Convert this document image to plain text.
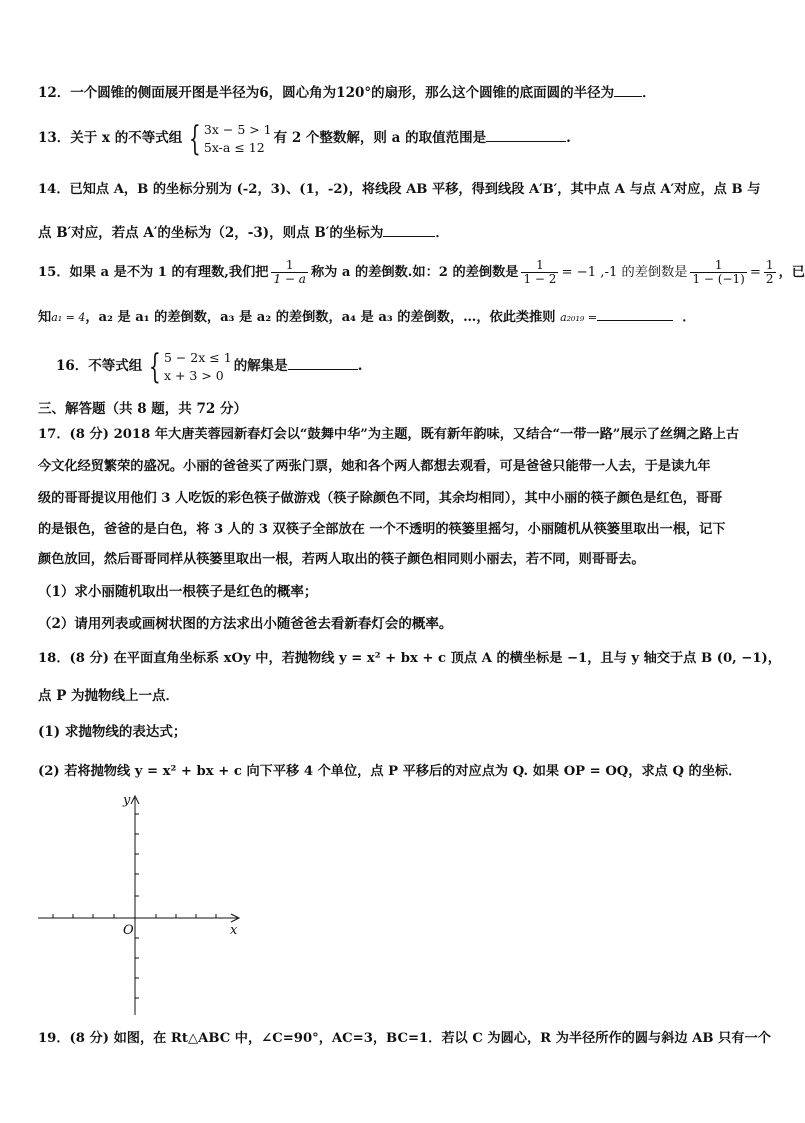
12．一个圆锥的侧面展开图是半径为6，圆心角为120°的扇形，那么这个圆锥的底面圆的半径为 ．
13．关于 x 的不等式组 { 3x − 5 > 1
5x-a ≤ 12
有 2 个整数解，则 a 的取值范围是	.
14．已知点 A，B 的坐标分别为 (-2，3)、(1，-2)，将线段 AB 平移，得到线段 A′B′，其中点 A 与点 A′对应，点 B 与
点 B′对应，若点 A′的坐标为（2，-3)，则点 B′的坐标为	．
15．如果 a 是不为 1 的有理数,我们把 $\frac{1}{1 - a}$ 称为 a 的差倒数.如：2 的差倒数是 $\frac{1}{1 - 2} = -1$ ,-1 的差倒数是 $\frac{1}{1 - (-1)} = \frac{1}{2}$ ，已
知a₁ = 4，a₂ 是 a₁ 的差倒数，a₃ 是 a₂ 的差倒数，a₄ 是 a₃ 的差倒数，…，依此类推则 a₂₀₁₉ =	．
16．不等式组 { 5 − 2x ≤ 1
x + 3 > 0
的解集是	.
三、解答题（共 8 题，共 72 分）
17．(8 分) 2018 年大唐芙蓉园新春灯会以“鼓舞中华”为主题，既有新年韵味，又结合“一带一路”展示了丝绸之路上古
今文化经贸繁荣的盛况。小丽的爸爸买了两张门票，她和各个两人都想去观看，可是爸爸只能带一人去，于是读九年
级的哥哥提议用他们 3 人吃饭的彩色筷子做游戏（筷子除颜色不同，其余均相同），其中小丽的筷子颜色是红色，哥哥
的是银色，爸爸的是白色，将 3 人的 3 双筷子全部放在 一个不透明的筷篓里摇匀，小丽随机从筷篓里取出一根，记下
颜色放回，然后哥哥同样从筷篓里取出一根，若两人取出的筷子颜色相同则小丽去，若不同，则哥哥去。
（1）求小丽随机取出一根筷子是红色的概率；
（2）请用列表或画树状图的方法求出小随爸爸去看新春灯会的概率。
18．(8 分) 在平面直角坐标系 xOy 中，若抛物线 y = x² + bx + c 顶点 A 的横坐标是 −1，且与 y 轴交于点 B (0, −1)，
点 P 为抛物线上一点．
(1) 求抛物线的表达式；
(2) 若将抛物线 y = x² + bx + c 向下平移 4 个单位，点 P 平移后的对应点为 Q. 如果 OP = OQ，求点 Q 的坐标．
y
x
O
19．(8 分) 如图，在 Rt△ABC 中，∠C=90°，AC=3，BC=1．若以 C 为圆心，R 为半径所作的圆与斜边 AB 只有一个
